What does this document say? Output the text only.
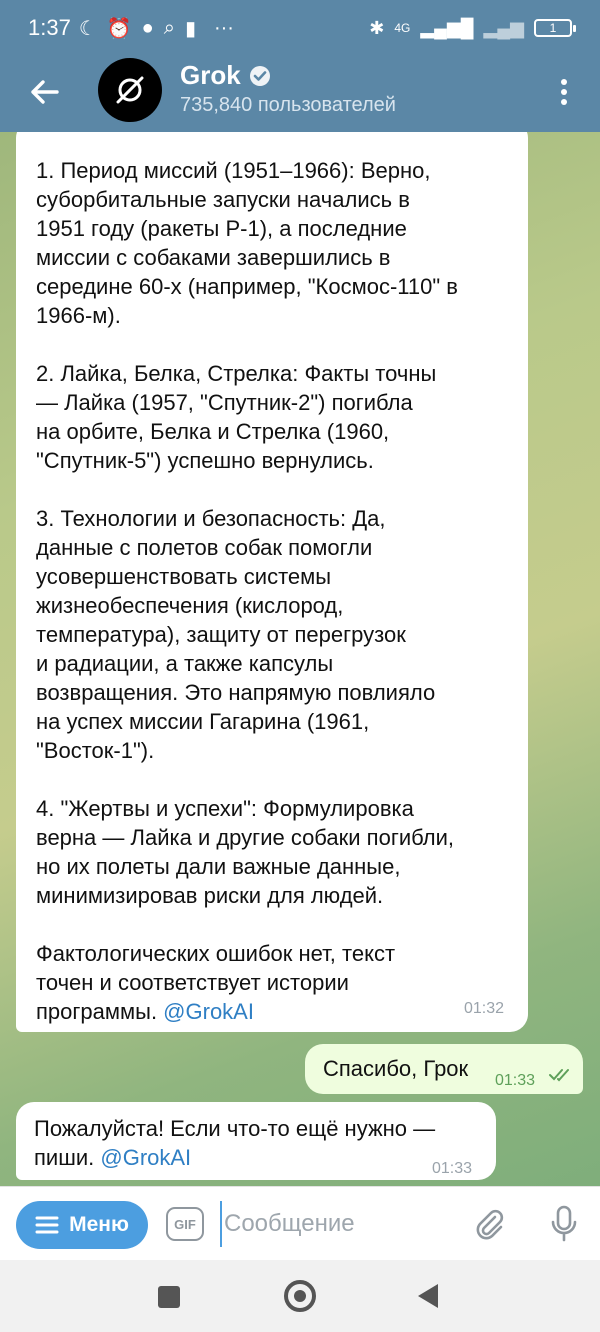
1:37 ☾ ⏰ ● ⌕ ▮ ···	✱ 4G ▂▄▆█ ▂▄▆ 1
Grok
735,840 пользователей

1. Период миссий (1951–1966): Верно,
суборбитальные запуски начались в
1951 году (ракеты Р-1), а последние
миссии с собаками завершились в
середине 60-х (например, "Космос-110" в
1966-м).

2. Лайка, Белка, Стрелка: Факты точны
— Лайка (1957, "Спутник-2") погибла
на орбите, Белка и Стрелка (1960,
"Спутник-5") успешно вернулись.

3. Технологии и безопасность: Да,
данные с полетов собак помогли
усовершенствовать системы
жизнеобеспечения (кислород,
температура), защиту от перегрузок
и радиации, а также капсулы
возвращения. Это напрямую повлияло
на успех миссии Гагарина (1961,
"Восток-1").

4. "Жертвы и успехи": Формулировка
верна — Лайка и другие собаки погибли,
но их полеты дали важные данные,
минимизировав риски для людей.

Фактологических ошибок нет, текст
точен и соответствует истории
программы. @GrokAI	01:32
Спасибо, Грок 01:33

Пожалуйста! Если что-то ещё нужно —
пиши. @GrokAI	01:33
Меню	GIF
Сообщение
